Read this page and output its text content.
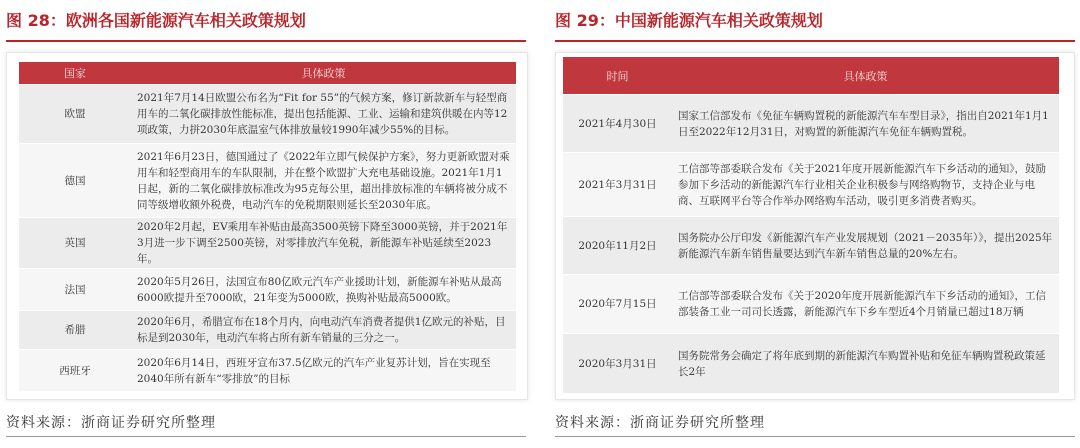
图 28：欧洲各国新能源汽车相关政策规划
国家	具体政策
欧盟	2021年7月14日欧盟公布名为“Fit for 55”的气候方案，修订新款新车与轻型商用车的二氧化碳排放性能标准，提出包括能源、工业、运输和建筑供暖在内等12项政策，力拼2030年底温室气体排放量较1990年减少55%的目标。
德国	2021年6月23日，德国通过了《2022年立即气候保护方案》，努力更新欧盟对乘用车和轻型商用车的车队限制，并在整个欧盟扩大充电基础设施。2021年1月1日起，新的二氧化碳排放标准改为95克每公里，超出排放标准的车辆将被分成不同等级增收额外税费，电动汽车的免税期限则延长至2030年底。
英国	2020年2月起，EV乘用车补贴由最高3500英镑下降至3000英镑，并于2021年3月进一步下调至2500英镑，对零排放汽车免税，新能源车补贴延续至2023年。
法国	2020年5月26日，法国宣布80亿欧元汽车产业援助计划，新能源车补贴从最高6000欧提升至7000欧，21年变为5000欧，换购补贴最高5000欧。
希腊	2020年6月，希腊宣布在18个月内，向电动汽车消费者提供1亿欧元的补贴，目标是到2030年，电动汽车将占所有新车销量的三分之一。
西班牙	2020年6月14日，西班牙宣布37.5亿欧元的汽车产业复苏计划，旨在实现至2040年所有新车“零排放”的目标
资料来源：浙商证券研究所整理
图 29：中国新能源汽车相关政策规划
时间	具体政策
2021年4月30日	国家工信部发布《免征车辆购置税的新能源汽车车型目录》，指出自2021年1月1日至2022年12月31日，对购置的新能源汽车免征车辆购置税。
2021年3月31日	工信部等部委联合发布《关于2021年度开展新能源汽车下乡活动的通知》，鼓励参加下乡活动的新能源汽车行业相关企业积极参与网络购物节，支持企业与电商、互联网平台等合作举办网络购车活动，吸引更多消费者购买。
2020年11月2日	国务院办公厅印发《新能源汽车产业发展规划（2021－2035年）》，提出2025年新能源汽车新车销售量要达到汽车新车销售总量的20%左右。
2020年7月15日	工信部等部委联合发布《关于2020年度开展新能源汽车下乡活动的通知》，工信部装备工业一司司长透露，新能源汽车下乡车型近4个月销量已超过18万辆
2020年3月31日	国务院常务会确定了将年底到期的新能源汽车购置补贴和免征车辆购置税政策延长2年
资料来源：浙商证券研究所整理
